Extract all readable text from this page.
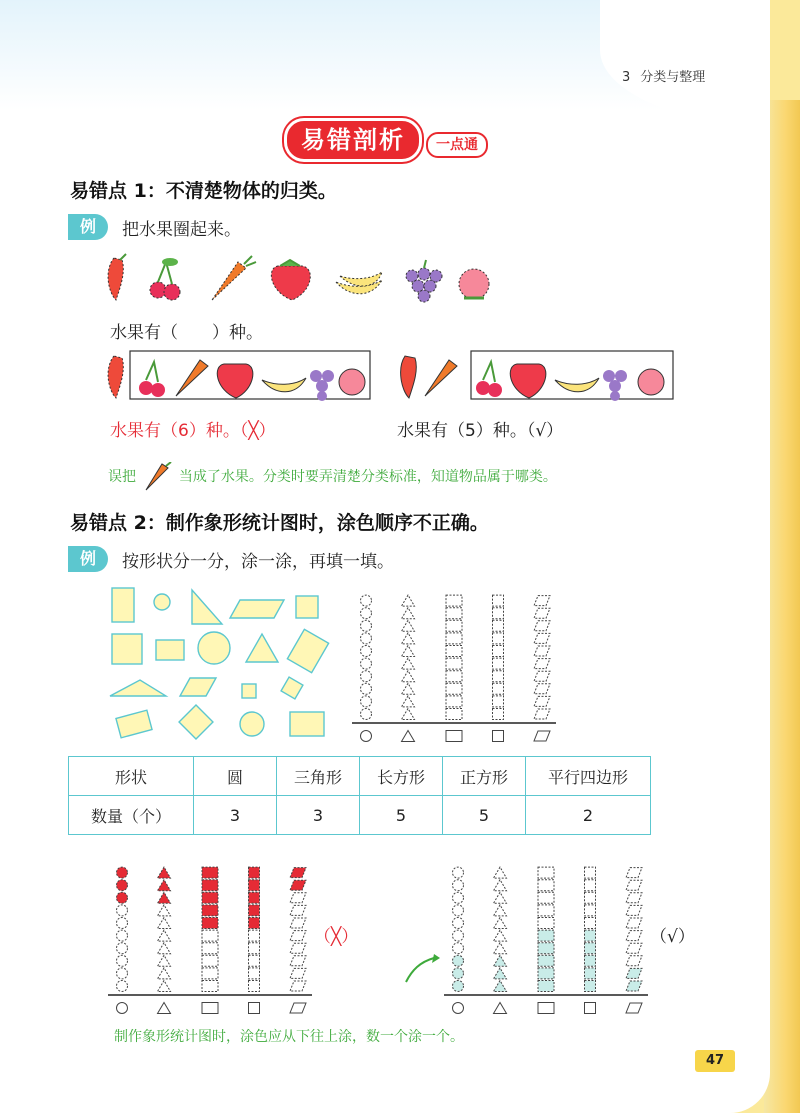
3 分类与整理
易错剖析	一点通
易错点 1：不清楚物体的归类。
例	把水果圈起来。
水果有（　　）种。
水果有（6）种。（╳）	水果有（5）种。（√）
误把	当成了水果。分类时要弄清楚分类标准，知道物品属于哪类。
易错点 2：制作象形统计图时，涂色顺序不正确。
例	按形状分一分，涂一涂，再填一填。
形状	圆	三角形	长方形	正方形	平行四边形
数量（个）	3	3	5	5	2
（╳）	（√）
制作象形统计图时，涂色应从下往上涂，数一个涂一个。
47
